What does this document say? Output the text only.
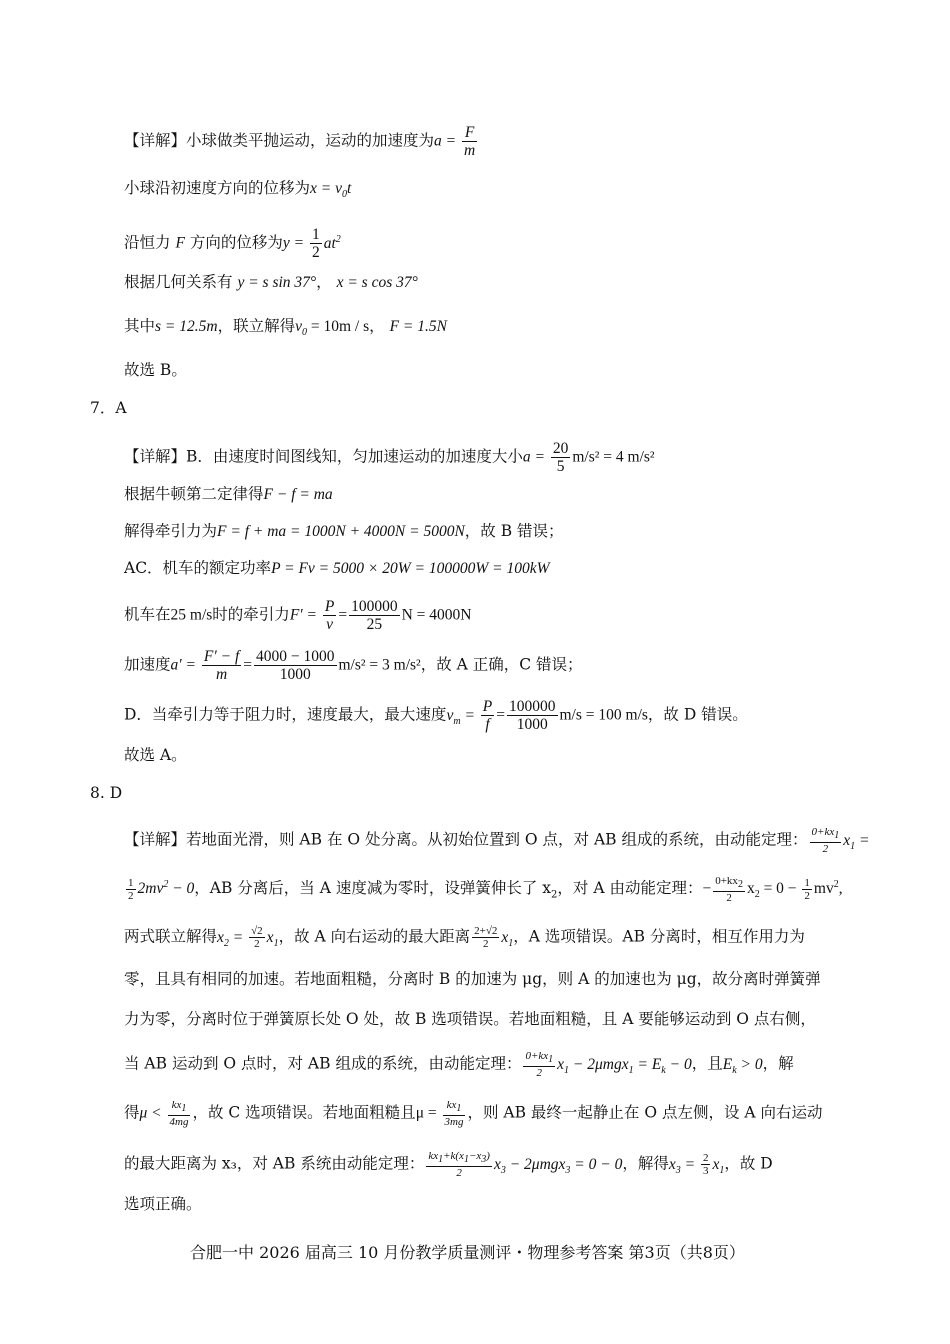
【详解】小球做类平抛运动，运动的加速度为$a = \frac{F}{m}$
小球沿初速度方向的位移为$x = v_0t$
沿恒力 F 方向的位移为$y = \frac{1}{2} at^2$
根据几何关系有 y = s sin 37°， x = s cos 37°
其中s = 12.5m，联立解得$v_0 = 10m / s$， F = 1.5N
故选 B。
7．A
【详解】B．由速度时间图线知，匀加速运动的加速度大小$a = \frac{20}{5} m/s^2 = 4$ m/s²
根据牛顿第二定律得F − f = ma
解得牵引力为F = f + ma = 1000N + 4000N = 5000N，故 B 错误；
AC．机车的额定功率P = Fv = 5000 × 20W = 100000W = 100kW
机车在25 m/s时的牵引力$F' = \frac{P}{v} = \frac{100000}{25}$ N = 4000N
加速度$a' = \frac{F' - f}{m} = \frac{4000 - 1000}{1000} m/s^2 = 3$ m/s²，故 A 正确，C 错误；
D．当牵引力等于阻力时，速度最大，最大速度$v_m = \frac{P}{f} = \frac{100000}{1000} m/s = 100$ m/s，故 D 错误。
故选 A。
8. D
【详解】若地面光滑，则 AB 在 O 处分离。从初始位置到 O 点，对 AB 组成的系统，由动能定理： $\frac{0+kx_1}{2} x_1$ =
$\frac{1}{2} 2mv^2 - 0$，AB 分离后，当 A 速度减为零时，设弹簧伸长了 $x_2$，对 A 由动能定理：− $\frac{0+kx_2}{2} x_2 = 0 - \frac{1}{2} mv^2$,
两式联立解得$x_2 = \frac{√2}{2} x_1$，故 A 向右运动的最大距离 $\frac{2+√2}{2} x_1$，A 选项错误。AB 分离时，相互作用力为
零，且具有相同的加速。若地面粗糙，分离时 B 的加速为 μg，则 A 的加速也为 μg，故分离时弹簧弹
力为零，分离时位于弹簧原长处 O 处，故 B 选项错误。若地面粗糙，且 A 要能够运动到 O 点右侧，
当 AB 运动到 O 点时，对 AB 组成的系统，由动能定理： $\frac{0+kx_1}{2} x_1 - 2\mu mgx_1 = E_k - 0$，且$E_k > 0$，解
得$\mu < \frac{kx_1}{4mg}$ ，故 C 选项错误。若地面粗糙且$\mu = \frac{kx_1}{3mg}$ ，则 AB 最终一起静止在 O 点左侧，设 A 向右运动
的最大距离为 x₃，对 AB 系统由动能定理： $\frac{kx_1+k(x_1-x_3)}{2} x_3 - 2\mu mgx_3 = 0 - 0$，解得$x_3 = \frac{2}{3} x_1$，故 D
选项正确。
合肥一中 2026 届高三 10 月份教学质量测评・物理参考答案 第3页（共8页）
